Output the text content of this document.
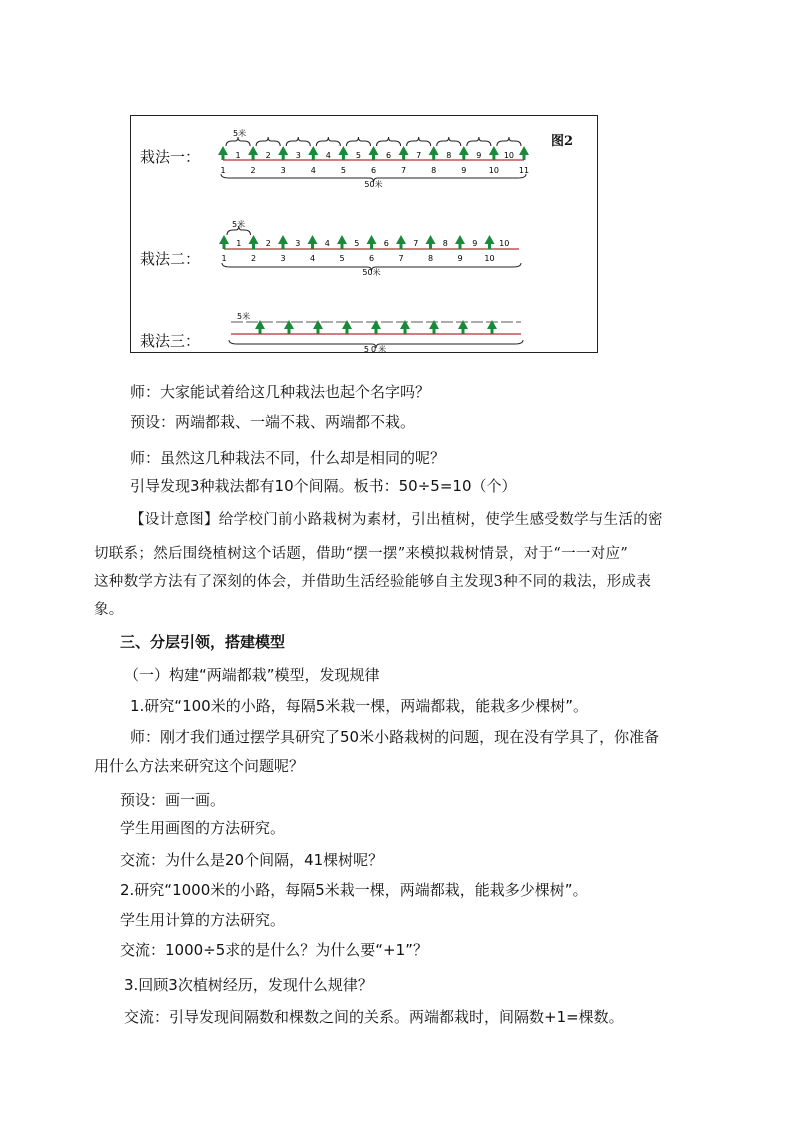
图2
栽法一：
栽法二：
栽法三：
1	2	3	4	5	6	7	8	9	10
5米
1	2	3	4	5	6	7	8	9	10 11
50米
5米
1
1
2
2
3
3
4
4
5
5
6
6
7
7
8
8
9
9
10
10
50米
5米
50米
师：大家能试着给这几种栽法也起个名字吗？
预设：两端都栽、一端不栽、两端都不栽。
师：虽然这几种栽法不同，什么却是相同的呢？
引导发现3种栽法都有10个间隔。板书：50÷5=10（个）
【设计意图】给学校门前小路栽树为素材，引出植树，使学生感受数学与生活的密
切联系；然后围绕植树这个话题，借助“摆一摆”来模拟栽树情景，对于“一一对应”
这种数学方法有了深刻的体会，并借助生活经验能够自主发现3种不同的栽法，形成表
象。
三、分层引领，搭建模型
（一）构建“两端都栽”模型，发现规律
1.研究“100米的小路，每隔5米栽一棵，两端都栽，能栽多少棵树”。
师：刚才我们通过摆学具研究了50米小路栽树的问题，现在没有学具了，你准备
用什么方法来研究这个问题呢？
预设：画一画。
学生用画图的方法研究。
交流：为什么是20个间隔，41棵树呢？
2.研究“1000米的小路，每隔5米栽一棵，两端都栽，能栽多少棵树”。
学生用计算的方法研究。
交流：1000÷5求的是什么？为什么要“+1”？
3.回顾3次植树经历，发现什么规律？
交流：引导发现间隔数和棵数之间的关系。两端都栽时，间隔数+1=棵数。
